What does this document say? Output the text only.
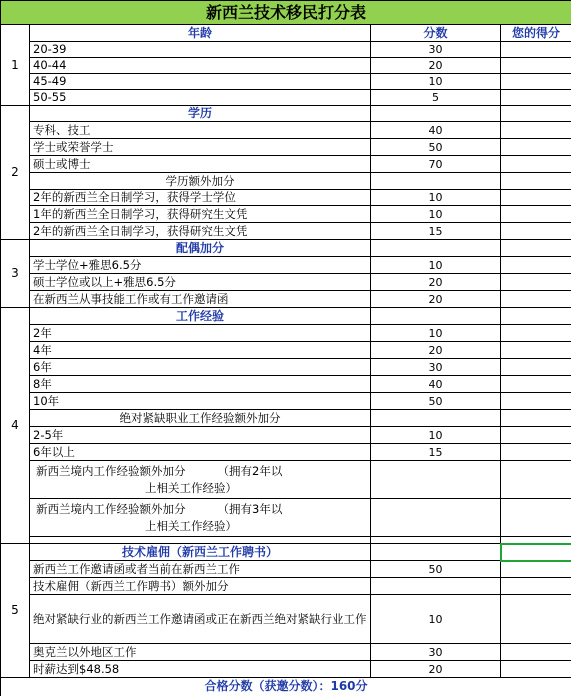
新西兰技术移民打分表			
1	年龄	分数	您的得分
	20-39	30	
	40-44	20	
	45-49	10	
	50-55	5	
2	学历		
	专科、技工	40	
	学士或荣誉学士	50	
	硕士或博士	70	
	学历额外加分		
	2年的新西兰全日制学习，获得学士学位	10	
	1年的新西兰全日制学习，获得研究生文凭	10	
	2年的新西兰全日制学习，获得研究生文凭	15	
3	配偶加分		
	学士学位+雅思6.5分	10	
	硕士学位或以上+雅思6.5分	20	
	在新西兰从事技能工作或有工作邀请函	20	
4	工作经验		
	2年	10	
	4年	20	
	6年	30	
	8年	40	
	10年	50	
	绝对紧缺职业工作经验额外加分		
	2-5年	10	
	6年以上	15	

	新西兰境内工作经验额外加分 （拥有2年以
上相关工作经验）		

	新西兰境内工作经验额外加分 （拥有3年以
上相关工作经验）		

5	技术雇佣（新西兰工作聘书）		
	新西兰工作邀请函或者当前在新西兰工作	50	
	技术雇佣（新西兰工作聘书）额外加分		
	绝对紧缺行业的新西兰工作邀请函或正在新西兰绝对紧缺行业工作	10	
	奥克兰以外地区工作	30	
	时薪达到$48.58	20	
合格分数（获邀分数）：160分			
